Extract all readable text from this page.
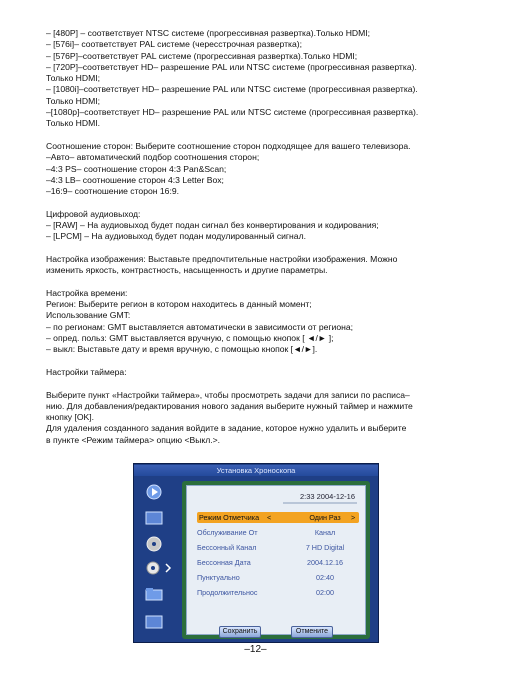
– [480P] – соответствует NTSC системе (прогрессивная развертка).Только HDMI;

– [576i]– соответствует PAL системе (чересстрочная развертка);

– [576P]–соответствует PAL системе (прогрессивная развертка).Только HDMI;

– [720P]–соответствует HD– разрешение PAL или NTSC системе (прогрессивная развертка).

Только HDMI;

– [1080i]–соответствует HD– разрешение PAL или NTSC системе (прогрессивная развертка).

Только HDMI;

–[1080p]–соответствует HD– разрешение PAL или NTSC системе (прогрессивная развертка).

Только HDMI.

Соотношение сторон: Выберите соотношение сторон подходящее для вашего телевизора.

–Авто– автоматический подбор соотношения сторон;

–4:3 PS– соотношение сторон 4:3 Pan&Scan;

–4:3 LB– соотношение сторон 4:3 Letter Box;

–16:9– соотношение сторон 16:9.

Цифровой аудиовыход:

– [RAW] – На аудиовыход будет подан сигнал без конвертирования и кодирования;

– [LPCM] – На аудиовыход будет подан модулированный сигнал.

Настройка изображения: Выставьте предпочтительные настройки изображения. Можно

изменить яркость, контрастность, насыщенность и другие параметры.

Настройка времени:

Регион: Выберите регион в котором находитесь в данный момент;

Использование GMT:

– по регионам: GMT выставляется автоматически в зависимости от региона;

– опред. польз: GMT выставляется вручную, с помощью кнопок [ ◄/► ];

– выкл: Выставьте дату и время вручную, с помощью кнопок [◄/►].

Настройки таймера:

Выберите пункт «Настройки таймера», чтобы просмотреть задачи для записи по расписа–

нию. Для добавления/редактирования нового задания выберите нужный таймер и нажмите

кнопку [OK].

Для удаления созданного задания войдите в задание, которое нужно удалить и выберите

в пункте <Режим таймера> опцию <Выкл.>.

Установка Хроноскопа
2:33 2004-12-16
Режим Отметчика <	Один Раз	>
Обслуживание От	Канал
Бессонный Канал	7 HD Digital
Бессонная Дата	2004.12.16
Пунктуально	02:40
Продолжительнос	02:00
Сохранить	Отмените
–12–
